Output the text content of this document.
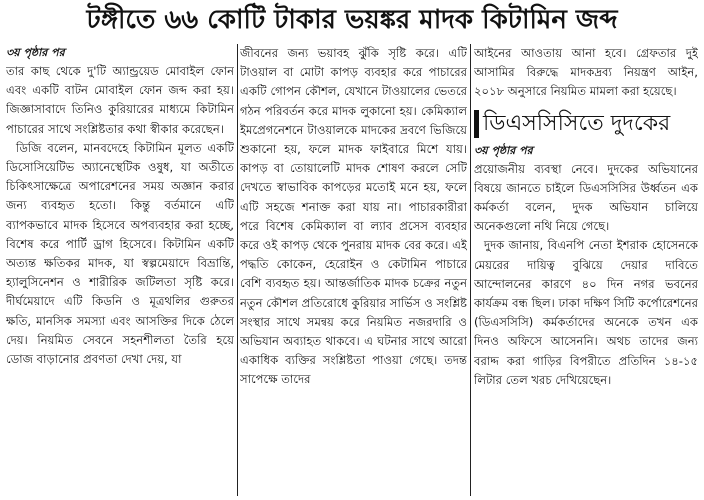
টঙ্গীতে ৬৬ কোটি টাকার ভয়ঙ্কর মাদক কিটামিন জব্দ

৩য় পৃষ্ঠার পর

তার কাছ থেকে দু'টি অ্যান্ড্রয়েড মোবাইল ফোন এবং একটি বাটন মোবাইল ফোন জব্দ করা হয়। জিজ্ঞাসাবাদে তিনিও কুরিয়ারের মাধ্যমে কিটামিন পাচারের সাথে সংশ্লিষ্টতার কথা স্বীকার করেছেন।

ডিজি বলেন, মানবদেহে কিটামিন মূলত একটি ডিসোসিয়েটিভ অ্যানেস্থেটিক ওষুধ, যা অতীতে চিকিৎসাক্ষেত্রে অপারেশনের সময় অজ্ঞান করার জন্য ব্যবহৃত হতো। কিন্তু বর্তমানে এটি ব্যাপকভাবে মাদক হিসেবে অপব্যবহার করা হচ্ছে, বিশেষ করে পার্টি ড্রাগ হিসেবে। কিটামিন একটি অত্যন্ত ক্ষতিকর মাদক, যা স্বল্পমেয়াদে বিভ্রান্তি, হ্যালুসিনেশন ও শারীরিক জটিলতা সৃষ্টি করে। দীর্ঘমেয়াদে এটি কিডনি ও মূত্রথলির গুরুতর ক্ষতি, মানসিক সমস্যা এবং আসক্তির দিকে ঠেলে দেয়। নিয়মিত সেবনে সহনশীলতা তৈরি হয়ে ডোজ বাড়ানোর প্রবণতা দেখা দেয়, যা

জীবনের জন্য ভয়াবহ ঝুঁকি সৃষ্টি করে। এটি টাওয়াল বা মোটা কাপড় ব্যবহার করে পাচারের একটি গোপন কৌশল, যেখানে টাওয়ালের ভেতরে গঠন পরিবর্তন করে মাদক লুকানো হয়। কেমিক্যাল ইমপ্রেগনেশনে টাওয়ালকে মাদকের দ্রবণে ভিজিয়ে শুকানো হয়, ফলে মাদক ফাইবারে মিশে যায়। কাপড় বা তোয়ালেটি মাদক শোষণ করলে সেটি দেখতে স্বাভাবিক কাপড়ের মতোই মনে হয়, ফলে এটি সহজে শনাক্ত করা যায় না। পাচারকারীরা পরে বিশেষ কেমিক্যাল বা ল্যাব প্রসেস ব্যবহার করে ওই কাপড় থেকে পুনরায় মাদক বের করে। এই পদ্ধতি কোকেন, হেরোইন ও কেটামিন পাচারে বেশি ব্যবহৃত হয়। আন্তর্জাতিক মাদক চক্রের নতুন নতুন কৌশল প্রতিরোধে কুরিয়ার সার্ভিস ও সংশ্লিষ্ট সংস্থার সাথে সমন্বয় করে নিয়মিত নজরদারি ও অভিযান অব্যাহত থাকবে। এ ঘটনার সাথে আরো একাধিক ব্যক্তির সংশ্লিষ্টতা পাওয়া গেছে। তদন্ত সাপেক্ষে তাদের

আইনের আওতায় আনা হবে। গ্রেফতার দুই আসামির বিরুদ্ধে মাদকদ্রব্য নিয়ন্ত্রণ আইন, ২০১৮ অনুসারে নিয়মিত মামলা করা হয়েছে।

ডিএসসিসিতে দুদকের

৩য় পৃষ্ঠার পর

প্রয়োজনীয় ব্যবস্থা নেবে। দুদকের অভিযানের বিষয়ে জানতে চাইলে ডিএসসিসির উর্ধ্বতন এক কর্মকর্তা বলেন, দুদক অভিযান চালিয়ে অনেকগুলো নথি নিয়ে গেছে।

দুদক জানায়, বিএনপি নেতা ইশরাক হোসেনকে মেয়রের দায়িত্ব বুঝিয়ে দেয়ার দাবিতে আন্দোলনের কারণে ৪০ দিন নগর ভবনের কার্যক্রম বন্ধ ছিল। ঢাকা দক্ষিণ সিটি কর্পোরেশনের (ডিএসসিসি) কর্মকর্তাদের অনেকে তখন এক দিনও অফিসে আসেননি। অথচ তাদের জন্য বরাদ্দ করা গাড়ির বিপরীতে প্রতিদিন ১৪-১৫ লিটার তেল খরচ দেখিয়েছেন।
